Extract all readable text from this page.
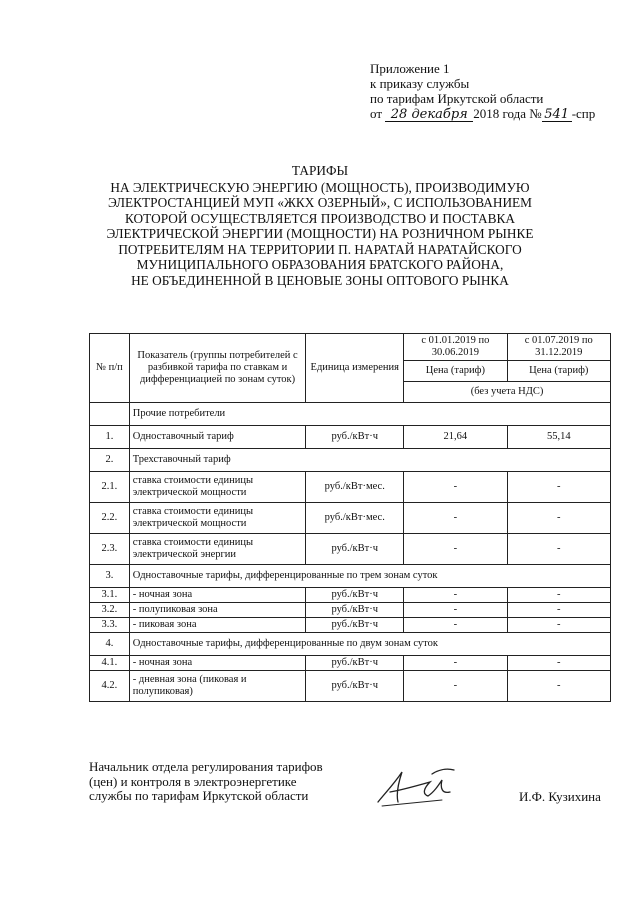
Приложение 1
к приказу службы
по тарифам Иркутской области
от 28 декабря 2018 года № 541 -спр
ТАРИФЫ
НА ЭЛЕКТРИЧЕСКУЮ ЭНЕРГИЮ (МОЩНОСТЬ), ПРОИЗВОДИМУЮ
ЭЛЕКТРОСТАНЦИЕЙ МУП «ЖКХ ОЗЕРНЫЙ», С ИСПОЛЬЗОВАНИЕМ
КОТОРОЙ ОСУЩЕСТВЛЯЕТСЯ ПРОИЗВОДСТВО И ПОСТАВКА
ЭЛЕКТРИЧЕСКОЙ ЭНЕРГИИ (МОЩНОСТИ) НА РОЗНИЧНОМ РЫНКЕ
ПОТРЕБИТЕЛЯМ НА ТЕРРИТОРИИ П. НАРАТАЙ НАРАТАЙСКОГО
МУНИЦИПАЛЬНОГО ОБРАЗОВАНИЯ БРАТСКОГО РАЙОНА,
НЕ ОБЪЕДИНЕННОЙ В ЦЕНОВЫЕ ЗОНЫ ОПТОВОГО РЫНКА
№ п/п	Показатель (группы потребителей с разбивкой тарифа по ставкам и дифференциацией по зонам суток)	Единица измерения	с 01.01.2019 по 30.06.2019	с 01.07.2019 по 31.12.2019
			Цена (тариф)	Цена (тариф)
			(без учета НДС)	
	Прочие потребители			
1.	Одноставочный тариф	руб./кВт·ч	21,64	55,14
2.	Трехставочный тариф			
2.1.	ставка стоимости единицы электрической мощности	руб./кВт·мес.	-	-
2.2.	ставка стоимости единицы электрической мощности	руб./кВт·мес.	-	-
2.3.	ставка стоимости единицы электрической энергии	руб./кВт·ч	-	-
3.	Одноставочные тарифы, дифференцированные по трем зонам суток			
3.1.	- ночная зона	руб./кВт·ч	-	-
3.2.	- полупиковая зона	руб./кВт·ч	-	-
3.3.	- пиковая зона	руб./кВт·ч	-	-
4.	Одноставочные тарифы, дифференцированные по двум зонам суток			
4.1.	- ночная зона	руб./кВт·ч	-	-
4.2.	- дневная зона (пиковая и полупиковая)	руб./кВт·ч	-	-
Начальник отдела регулирования тарифов
(цен) и контроля в электроэнергетике
службы по тарифам Иркутской области	И.Ф. Кузихина
